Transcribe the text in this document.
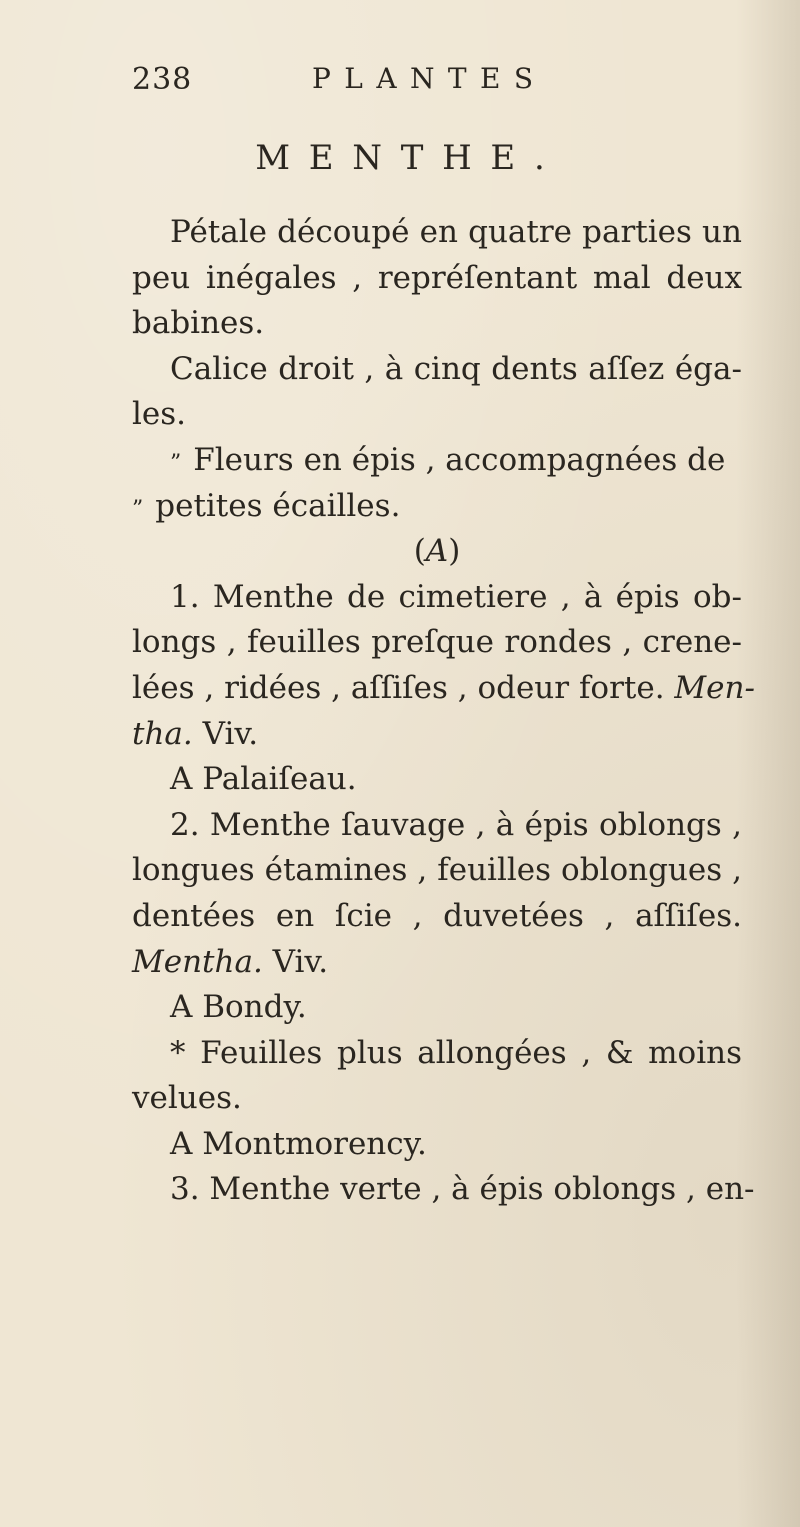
238	PLANTES
MENTHE.
Pétale découpé en quatre parties un
peu inégales , repréſentant mal deux
babines.
Calice droit , à cinq dents aſſez éga-
les.
” Fleurs en épis , accompagnées de
” petites écailles.
(A)
1. Menthe de cimetiere , à épis ob-
longs , feuilles preſque rondes , crene-
lées , ridées , aſſiſes , odeur forte. Men-
tha. Viv.
A Palaiſeau.
2. Menthe ſauvage , à épis oblongs ,
longues étamines , feuilles oblongues ,
dentées en ſcie , duvetées , aſſiſes.
Mentha. Viv.
A Bondy.
* Feuilles plus allongées , & moins
velues.
A Montmorency.
3. Menthe verte , à épis oblongs , en-
